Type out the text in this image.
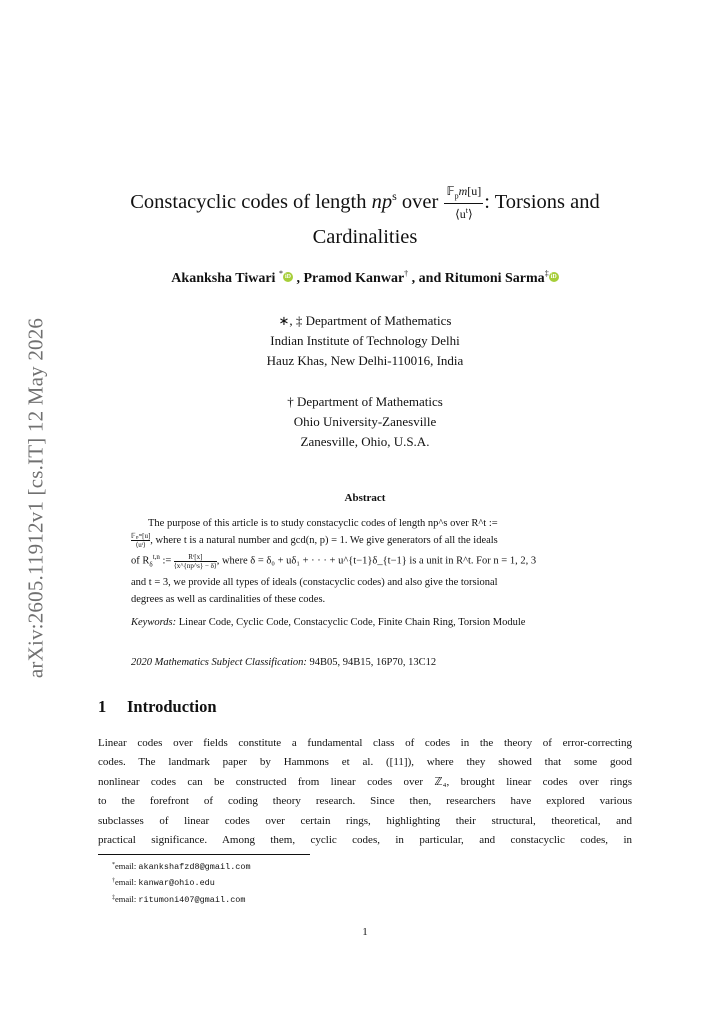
arXiv:2605.11912v1 [cs.IT] 12 May 2026
Constacyclic codes of length $np^s$ over $\frac{𝔽_pm[u]}{⟨u^t⟩}$ : Torsions and
Cardinalities
Akanksha Tiwari * iD , Pramod Kanwar† , and Ritumoni Sarma‡ iD
∗, ‡ Department of Mathematics
Indian Institute of Technology Delhi
Hauz Khas, New Delhi-110016, India
† Department of Mathematics
Ohio University-Zanesville
Zanesville, Ohio, U.S.A.
Abstract

The purpose of this article is to study constacyclic codes of length np^s over R^t :=

$\frac{\text{𝔽ₚᵐ[u]}}{\text{⟨uᵗ⟩}}$ , where t is a natural number and gcd(n, p) = 1. We give generators of all the ideals
of $R_\delta^{t,n}$ := $\frac{\text{Rᵗ[x]}}{⟨x\^{}\{np\^{}s\} - \delta⟩}$ , where δ = δ₀ + uδ₁ + · · · + u^{t−1}δ_{t−1} is a unit in R^t. For n = 1, 2, 3
and t = 3, we provide all types of ideals (constacyclic codes) and also give the torsional
degrees as well as cardinalities of these codes.
Keywords: Linear Code, Cyclic Code, Constacyclic Code, Finite Chain Ring, Torsion Module
2020 Mathematics Subject Classification: 94B05, 94B15, 16P70, 13C12
1 Introduction
Linear codes over fields constitute a fundamental class of codes in the theory of error-correcting
codes. The landmark paper by Hammons et al. ([11]), where they showed that some good
nonlinear codes can be constructed from linear codes over ℤ₄, brought linear codes over rings
to the forefront of coding theory research. Since then, researchers have explored various
subclasses of linear codes over certain rings, highlighting their structural, theoretical, and
practical significance. Among them, cyclic codes, in particular, and constacyclic codes, in
*email: akankshafzd8@gmail.com
†email: kanwar@ohio.edu
‡email: ritumoni407@gmail.com
1
